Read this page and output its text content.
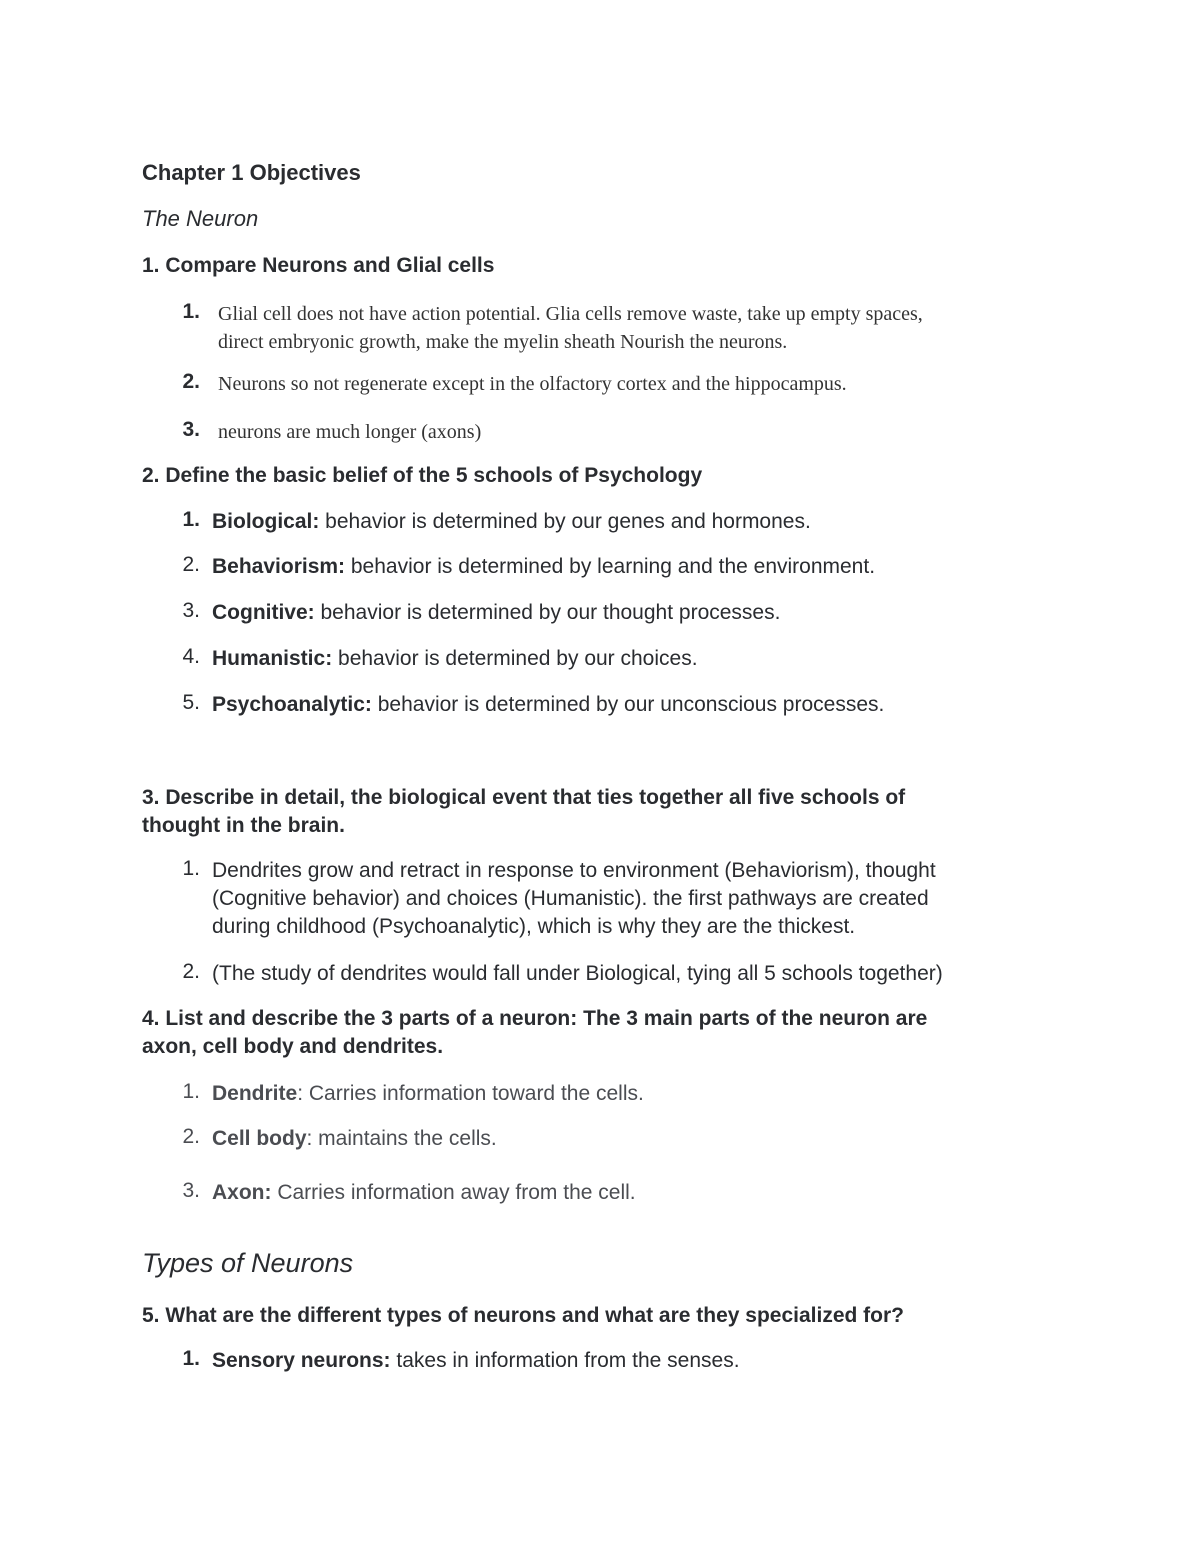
Chapter 1 Objectives
The Neuron
1. Compare Neurons and Glial cells
1. Glial cell does not have action potential. Glia cells remove waste, take up empty spaces,
direct embryonic growth, make the myelin sheath Nourish the neurons.
2. Neurons so not regenerate except in the olfactory cortex and the hippocampus.
3. neurons are much longer (axons)
2. Define the basic belief of the 5 schools of Psychology
1. Biological: behavior is determined by our genes and hormones.
2. Behaviorism: behavior is determined by learning and the environment.
3. Cognitive: behavior is determined by our thought processes.
4. Humanistic: behavior is determined by our choices.
5. Psychoanalytic: behavior is determined by our unconscious processes.
3. Describe in detail, the biological event that ties together all five schools of
thought in the brain.
1. Dendrites grow and retract in response to environment (Behaviorism), thought
(Cognitive behavior) and choices (Humanistic). the first pathways are created
during childhood (Psychoanalytic), which is why they are the thickest.
2. (The study of dendrites would fall under Biological, tying all 5 schools together)
4. List and describe the 3 parts of a neuron: The 3 main parts of the neuron are
axon, cell body and dendrites.
1. Dendrite: Carries information toward the cells.
2. Cell body: maintains the cells.
3. Axon: Carries information away from the cell.
Types of Neurons
5. What are the different types of neurons and what are they specialized for?
1. Sensory neurons: takes in information from the senses.
